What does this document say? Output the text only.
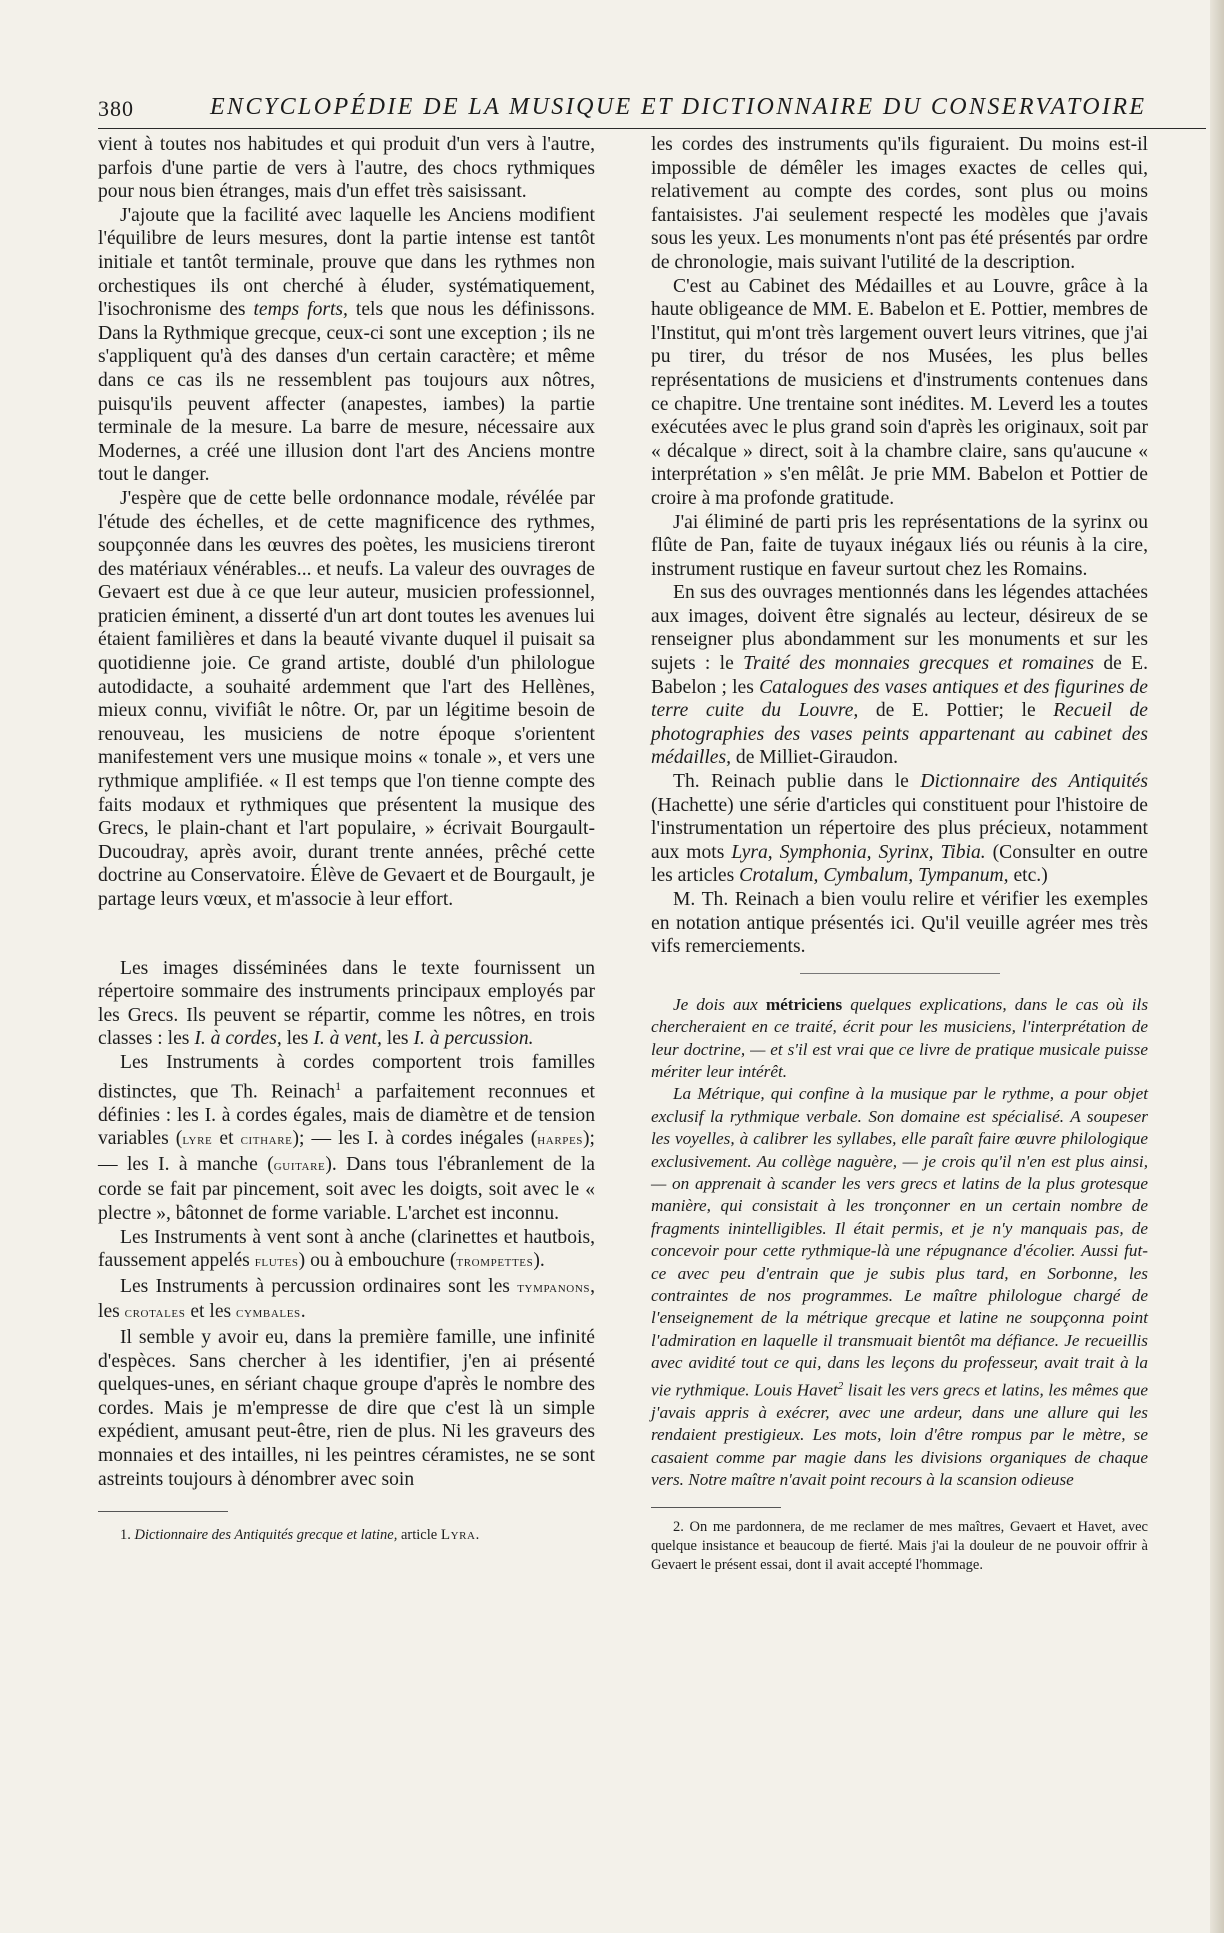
380	ENCYCLOPÉDIE DE LA MUSIQUE ET DICTIONNAIRE DU CONSERVATOIRE

vient à toutes nos habitudes et qui produit d'un vers à l'autre, parfois d'une partie de vers à l'autre, des chocs rythmiques pour nous bien étranges, mais d'un effet très saisissant.

J'ajoute que la facilité avec laquelle les Anciens modifient l'équilibre de leurs mesures, dont la partie intense est tantôt initiale et tantôt terminale, prouve que dans les rythmes non orchestiques ils ont cherché à éluder, systématiquement, l'isochronisme des temps forts, tels que nous les définissons. Dans la Rythmique grecque, ceux-ci sont une exception ; ils ne s'appliquent qu'à des danses d'un certain caractère; et même dans ce cas ils ne ressemblent pas toujours aux nôtres, puisqu'ils peuvent affecter (anapestes, iambes) la partie terminale de la mesure. La barre de mesure, nécessaire aux Modernes, a créé une illusion dont l'art des Anciens montre tout le danger.

J'espère que de cette belle ordonnance modale, révélée par l'étude des échelles, et de cette magnificence des rythmes, soupçonnée dans les œuvres des poètes, les musiciens tireront des matériaux vénérables... et neufs. La valeur des ouvrages de Gevaert est due à ce que leur auteur, musicien professionnel, praticien éminent, a disserté d'un art dont toutes les avenues lui étaient familières et dans la beauté vivante duquel il puisait sa quotidienne joie. Ce grand artiste, doublé d'un philologue autodidacte, a souhaité ardemment que l'art des Hellènes, mieux connu, vivifiât le nôtre. Or, par un légitime besoin de renouveau, les musiciens de notre époque s'orientent manifestement vers une musique moins « tonale », et vers une rythmique amplifiée. « Il est temps que l'on tienne compte des faits modaux et rythmiques que présentent la musique des Grecs, le plain-chant et l'art populaire, » écrivait Bourgault-Ducoudray, après avoir, durant trente années, prêché cette doctrine au Conservatoire. Élève de Gevaert et de Bourgault, je partage leurs vœux, et m'associe à leur effort.

Les images disséminées dans le texte fournissent un répertoire sommaire des instruments principaux employés par les Grecs. Ils peuvent se répartir, comme les nôtres, en trois classes : les I. à cordes, les I. à vent, les I. à percussion.

Les Instruments à cordes comportent trois familles distinctes, que Th. Reinach$^1$ a parfaitement reconnues et définies : les I. à cordes égales, mais de diamètre et de tension variables (lyre et cithare); — les I. à cordes inégales (harpes); — les I. à manche (guitare). Dans tous l'ébranlement de la corde se fait par pincement, soit avec les doigts, soit avec le « plectre », bâtonnet de forme variable. L'archet est inconnu.

Les Instruments à vent sont à anche (clarinettes et hautbois, faussement appelés flutes) ou à embouchure (trompettes).

Les Instruments à percussion ordinaires sont les tympanons, les crotales et les cymbales.

Il semble y avoir eu, dans la première famille, une infinité d'espèces. Sans chercher à les identifier, j'en ai présenté quelques-unes, en sériant chaque groupe d'après le nombre des cordes. Mais je m'empresse de dire que c'est là un simple expédient, amusant peut-être, rien de plus. Ni les graveurs des monnaies et des intailles, ni les peintres céramistes, ne se sont astreints toujours à dénombrer avec soin

1. Dictionnaire des Antiquités grecque et latine, article Lyra.

les cordes des instruments qu'ils figuraient. Du moins est-il impossible de démêler les images exactes de celles qui, relativement au compte des cordes, sont plus ou moins fantaisistes. J'ai seulement respecté les modèles que j'avais sous les yeux. Les monuments n'ont pas été présentés par ordre de chronologie, mais suivant l'utilité de la description.

C'est au Cabinet des Médailles et au Louvre, grâce à la haute obligeance de MM. E. Babelon et E. Pottier, membres de l'Institut, qui m'ont très largement ouvert leurs vitrines, que j'ai pu tirer, du trésor de nos Musées, les plus belles représentations de musiciens et d'instruments contenues dans ce chapitre. Une trentaine sont inédites. M. Leverd les a toutes exécutées avec le plus grand soin d'après les originaux, soit par « décalque » direct, soit à la chambre claire, sans qu'aucune « interprétation » s'en mêlât. Je prie MM. Babelon et Pottier de croire à ma profonde gratitude.

J'ai éliminé de parti pris les représentations de la syrinx ou flûte de Pan, faite de tuyaux inégaux liés ou réunis à la cire, instrument rustique en faveur surtout chez les Romains.

En sus des ouvrages mentionnés dans les légendes attachées aux images, doivent être signalés au lecteur, désireux de se renseigner plus abondamment sur les monuments et sur les sujets : le Traité des monnaies grecques et romaines de E. Babelon ; les Catalogues des vases antiques et des figurines de terre cuite du Louvre, de E. Pottier; le Recueil de photographies des vases peints appartenant au cabinet des médailles, de Milliet-Giraudon.

Th. Reinach publie dans le Dictionnaire des Antiquités (Hachette) une série d'articles qui constituent pour l'histoire de l'instrumentation un répertoire des plus précieux, notamment aux mots Lyra, Symphonia, Syrinx, Tibia. (Consulter en outre les articles Crotalum, Cymbalum, Tympanum, etc.)

M. Th. Reinach a bien voulu relire et vérifier les exemples en notation antique présentés ici. Qu'il veuille agréer mes très vifs remerciements.

Je dois aux métriciens quelques explications, dans le cas où ils chercheraient en ce traité, écrit pour les musiciens, l'interprétation de leur doctrine, — et s'il est vrai que ce livre de pratique musicale puisse mériter leur intérêt.

La Métrique, qui confine à la musique par le rythme, a pour objet exclusif la rythmique verbale. Son domaine est spécialisé. A soupeser les voyelles, à calibrer les syllabes, elle paraît faire œuvre philologique exclusivement. Au collège naguère, — je crois qu'il n'en est plus ainsi, — on apprenait à scander les vers grecs et latins de la plus grotesque manière, qui consistait à les tronçonner en un certain nombre de fragments inintelligibles. Il était permis, et je n'y manquais pas, de concevoir pour cette rythmique-là une répugnance d'écolier. Aussi fut-ce avec peu d'entrain que je subis plus tard, en Sorbonne, les contraintes de nos programmes. Le maître philologue chargé de l'enseignement de la métrique grecque et latine ne soupçonna point l'admiration en laquelle il transmuait bientôt ma défiance. Je recueillis avec avidité tout ce qui, dans les leçons du professeur, avait trait à la vie rythmique. Louis Havet$^2$ lisait les vers grecs et latins, les mêmes que j'avais appris à exécrer, avec une ardeur, dans une allure qui les rendaient prestigieux. Les mots, loin d'être rompus par le mètre, se casaient comme par magie dans les divisions organiques de chaque vers. Notre maître n'avait point recours à la scansion odieuse

2. On me pardonnera, de me reclamer de mes maîtres, Gevaert et Havet, avec quelque insistance et beaucoup de fierté. Mais j'ai la douleur de ne pouvoir offrir à Gevaert le présent essai, dont il avait accepté l'hommage.
